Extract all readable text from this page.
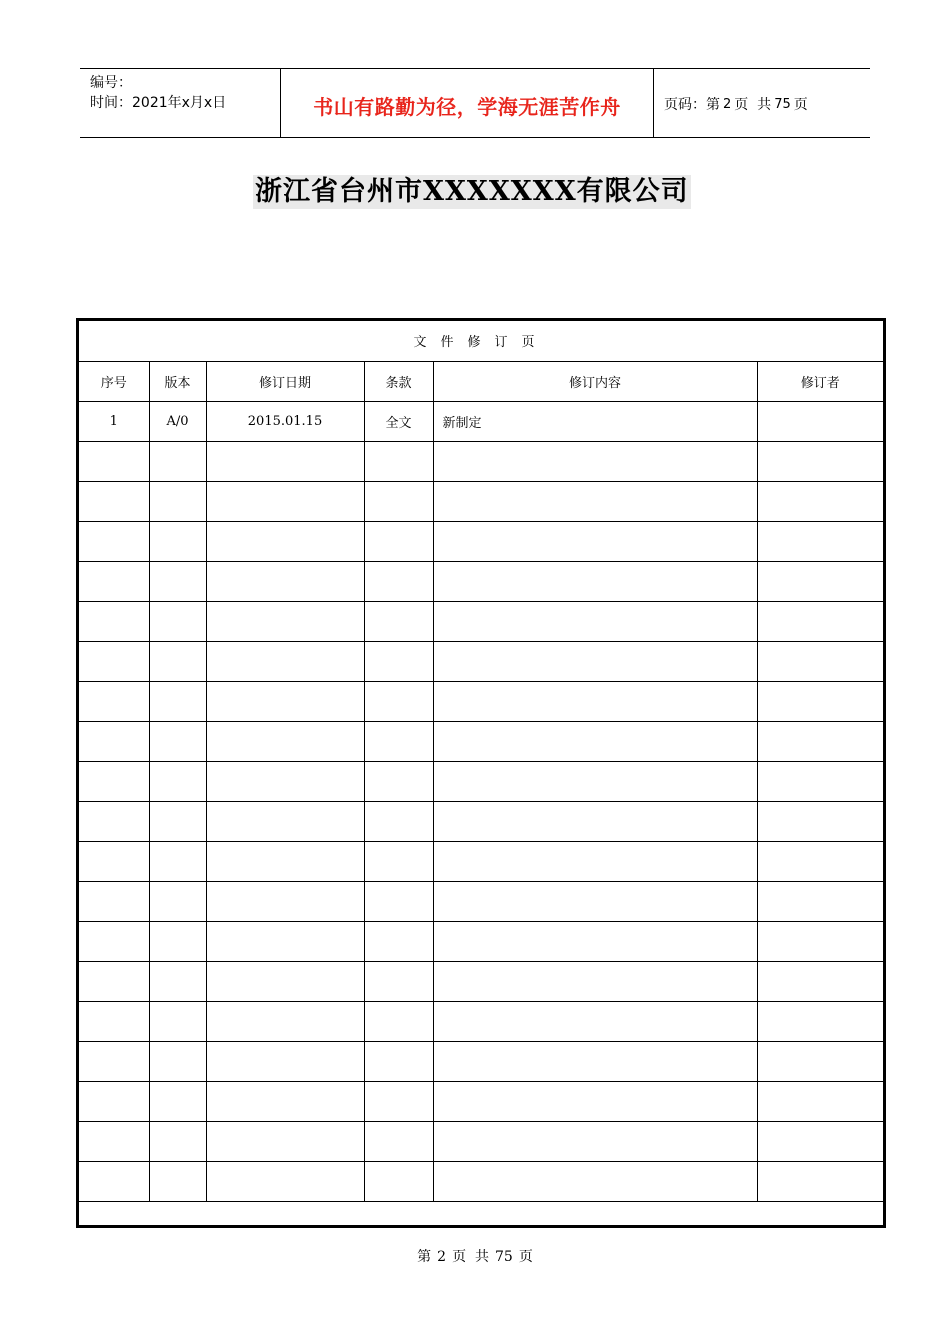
编号：
时间：2021年x月x日	书山有路勤为径，学海无涯苦作舟	页码：第 2 页  共 75 页
浙江省台州市XXXXXXX有限公司
文件修订页					
序号	版本	修订日期	条款	修订内容	修订者
1	A/0	2015.01.15	全文	新制定	

第 2 页  共 75 页
